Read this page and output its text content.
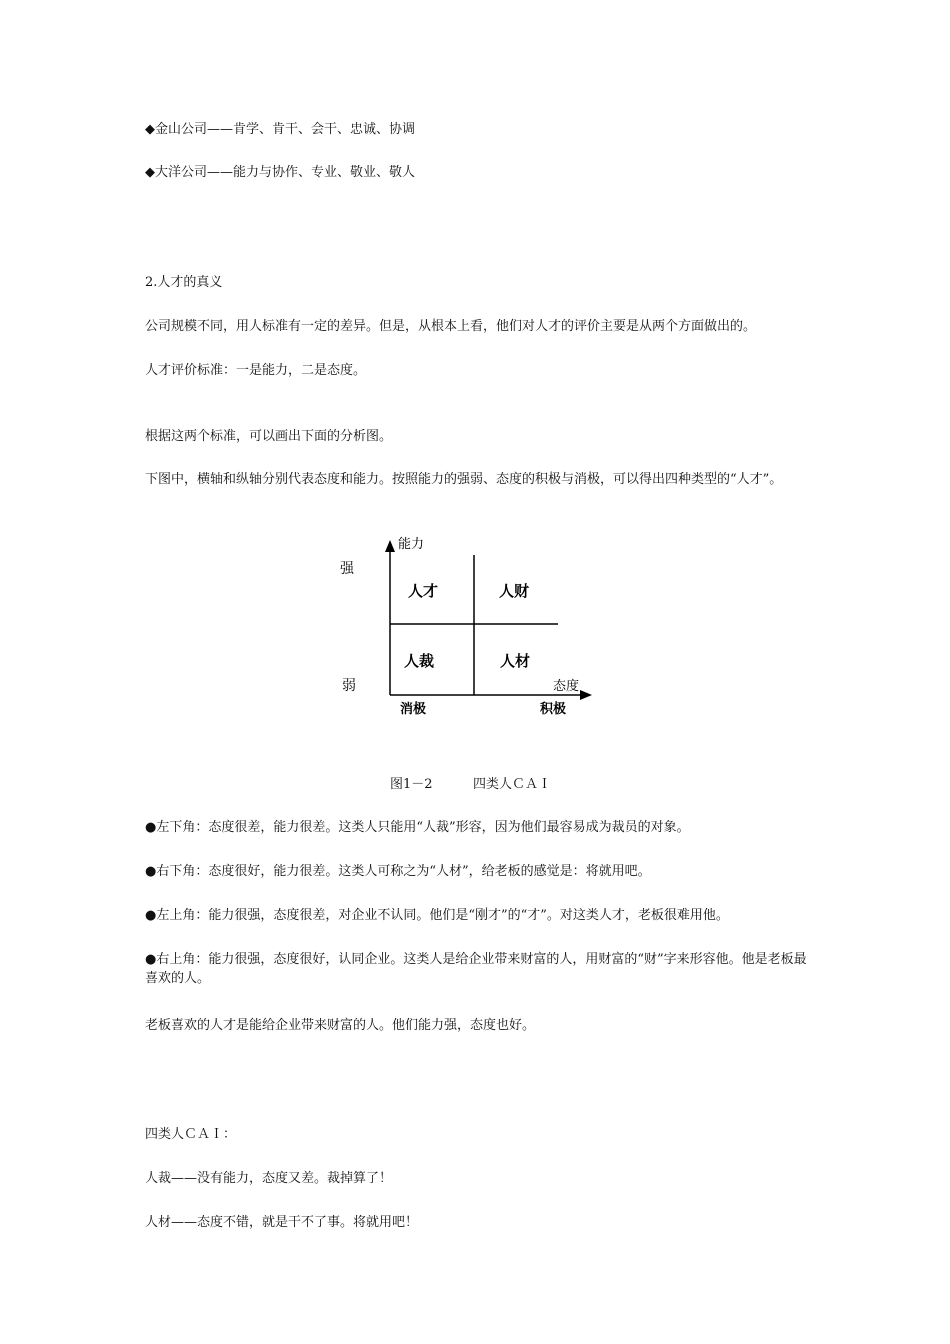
◆金山公司——肯学、肯干、会干、忠诚、协调

◆大洋公司——能力与协作、专业、敬业、敬人

2.人才的真义

公司规模不同，用人标准有一定的差异。但是，从根本上看，他们对人才的评价主要是从两个方面做出的。

人才评价标准：一是能力，二是态度。

根据这两个标准，可以画出下面的分析图。

下图中，横轴和纵轴分别代表态度和能力。按照能力的强弱、态度的积极与消极，可以得出四种类型的“人才”。

能力
态度
强
弱
消极	积极
人才	人财
人裁	人材
图1－2	四类人ＣＡＩ

●左下角：态度很差，能力很差。这类人只能用“人裁”形容，因为他们最容易成为裁员的对象。

●右下角：态度很好，能力很差。这类人可称之为“人材”，给老板的感觉是：将就用吧。

●左上角：能力很强，态度很差，对企业不认同。他们是“刚才”的“才”。对这类人才，老板很难用他。

●右上角：能力很强，态度很好，认同企业。这类人是给企业带来财富的人，用财富的“财”字来形容他。他是老板最喜欢的人。

老板喜欢的人才是能给企业带来财富的人。他们能力强，态度也好。

四类人ＣＡＩ：

人裁——没有能力，态度又差。裁掉算了！

人材——态度不错，就是干不了事。将就用吧！
